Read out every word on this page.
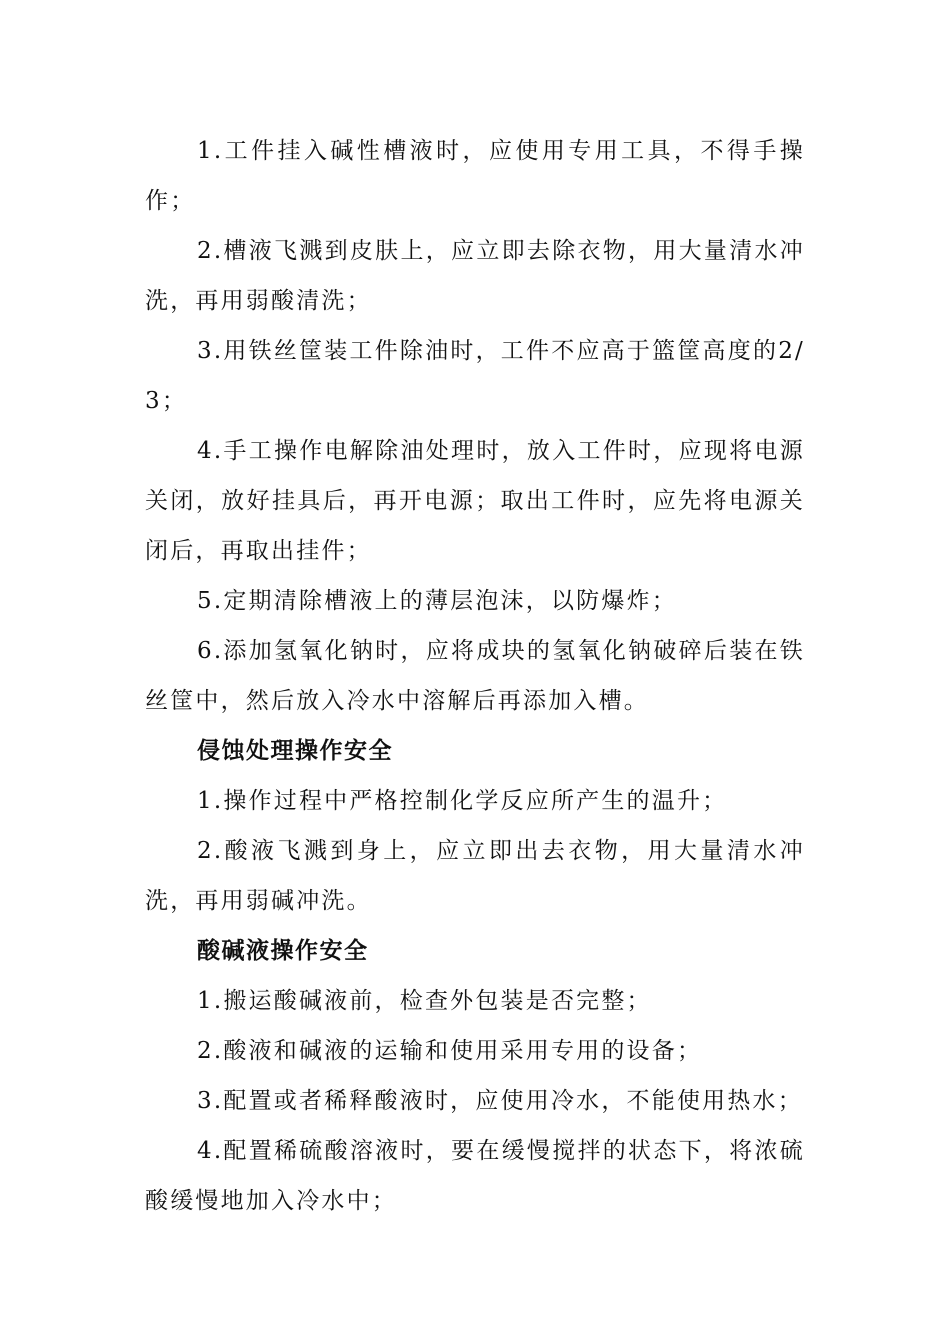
1.工件挂入碱性槽液时，应使用专用工具，不得手操作；

2.槽液飞溅到皮肤上，应立即去除衣物，用大量清水冲洗，再用弱酸清洗；

3.用铁丝筐装工件除油时，工件不应高于篮筐高度的2/3；

4.手工操作电解除油处理时，放入工件时，应现将电源关闭，放好挂具后，再开电源；取出工件时，应先将电源关闭后，再取出挂件；

5.定期清除槽液上的薄层泡沫，以防爆炸；

6.添加氢氧化钠时，应将成块的氢氧化钠破碎后装在铁丝筐中，然后放入冷水中溶解后再添加入槽。

侵蚀处理操作安全

1.操作过程中严格控制化学反应所产生的温升；

2.酸液飞溅到身上，应立即出去衣物，用大量清水冲洗，再用弱碱冲洗。

酸碱液操作安全

1.搬运酸碱液前，检查外包装是否完整；

2.酸液和碱液的运输和使用采用专用的设备；

3.配置或者稀释酸液时，应使用冷水，不能使用热水；

4.配置稀硫酸溶液时，要在缓慢搅拌的状态下，将浓硫酸缓慢地加入冷水中；
